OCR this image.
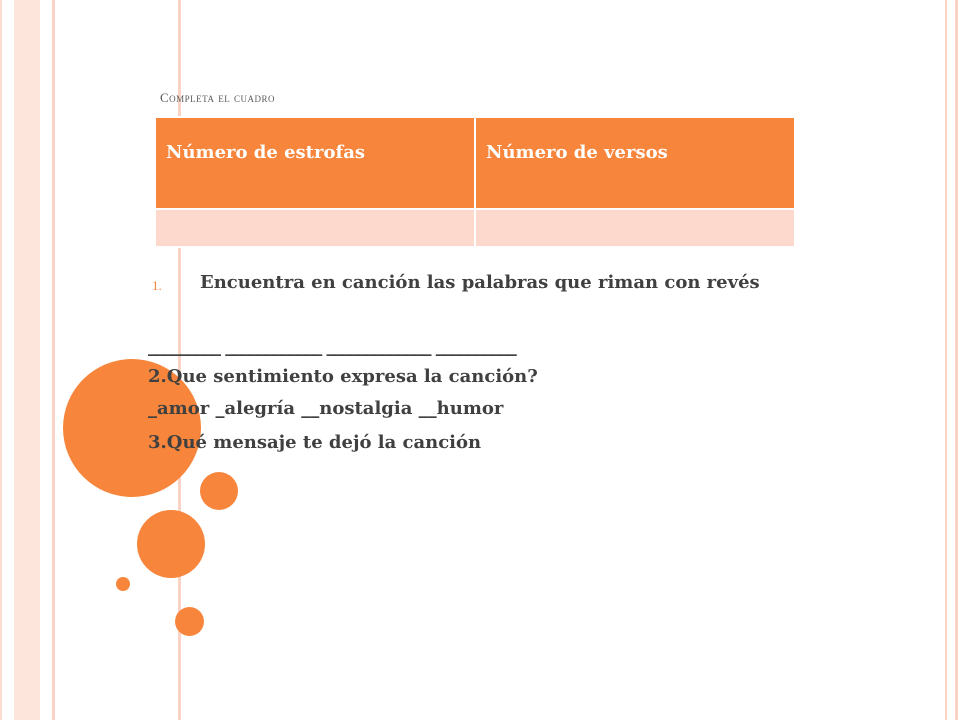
Completa el cuadro
Número de estrofas	Número de versos

1. Encuentra en canción las palabras que riman con revés
_________ ____________ _____________ __________
2.Que sentimiento expresa la canción?
_amor _alegría __nostalgia __humor
3.Qué mensaje te dejó la canción
